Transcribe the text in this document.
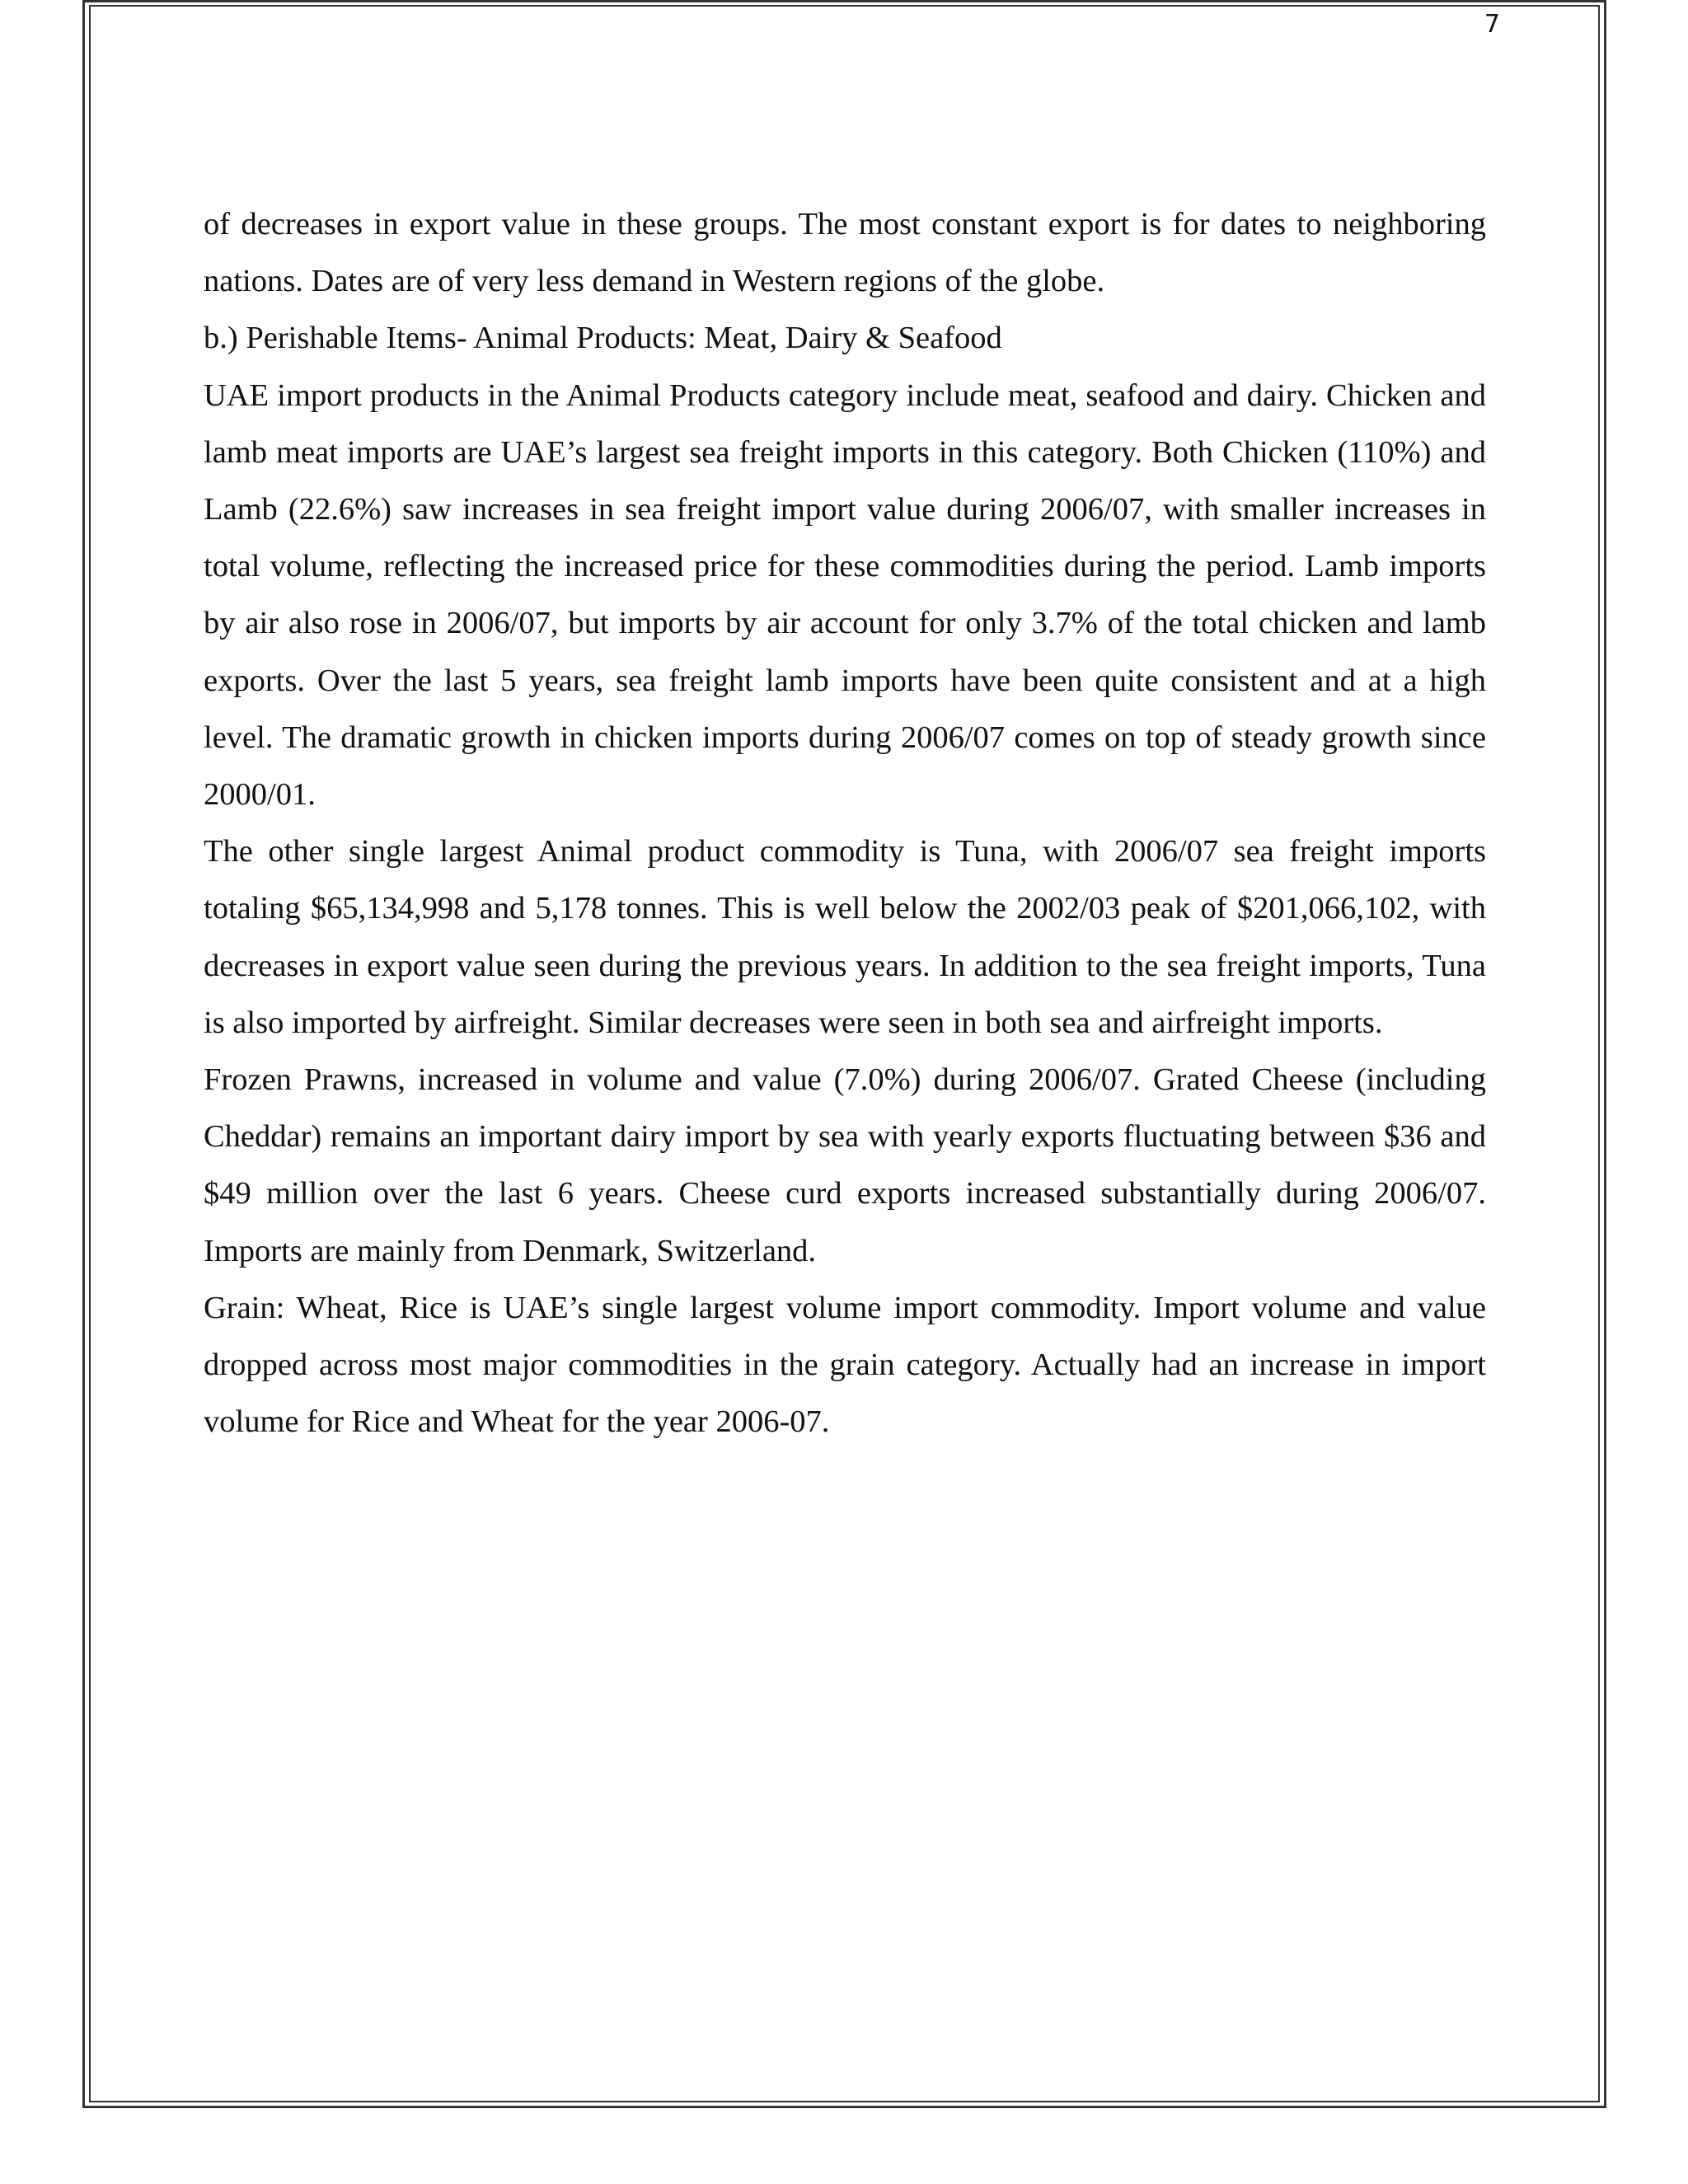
7

of decreases in export value in these groups. The most constant export is for dates to neighboring nations. Dates are of very less demand in Western regions of the globe.

b.) Perishable Items- Animal Products: Meat, Dairy & Seafood

UAE import products in the Animal Products category include meat, seafood and dairy. Chicken and lamb meat imports are UAE’s largest sea freight imports in this category. Both Chicken (110%) and Lamb (22.6%) saw increases in sea freight import value during 2006/07, with smaller increases in total volume, reflecting the increased price for these commodities during the period. Lamb imports by air also rose in 2006/07, but imports by air account for only 3.7% of the total chicken and lamb exports. Over the last 5 years, sea freight lamb imports have been quite consistent and at a high level. The dramatic growth in chicken imports during 2006/07 comes on top of steady growth since 2000/01.

The other single largest Animal product commodity is Tuna, with 2006/07 sea freight imports totaling $65,134,998 and 5,178 tonnes. This is well below the 2002/03 peak of $201,066,102, with decreases in export value seen during the previous years. In addition to the sea freight imports, Tuna is also imported by airfreight. Similar decreases were seen in both sea and airfreight imports.

Frozen Prawns, increased in volume and value (7.0%) during 2006/07. Grated Cheese (including Cheddar) remains an important dairy import by sea with yearly exports fluctuating between $36 and $49 million over the last 6 years. Cheese curd exports increased substantially during 2006/07. Imports are mainly from Denmark, Switzerland.

Grain: Wheat, Rice is UAE’s single largest volume import commodity. Import volume and value dropped across most major commodities in the grain category. Actually had an increase in import volume for Rice and Wheat for the year 2006-07.
